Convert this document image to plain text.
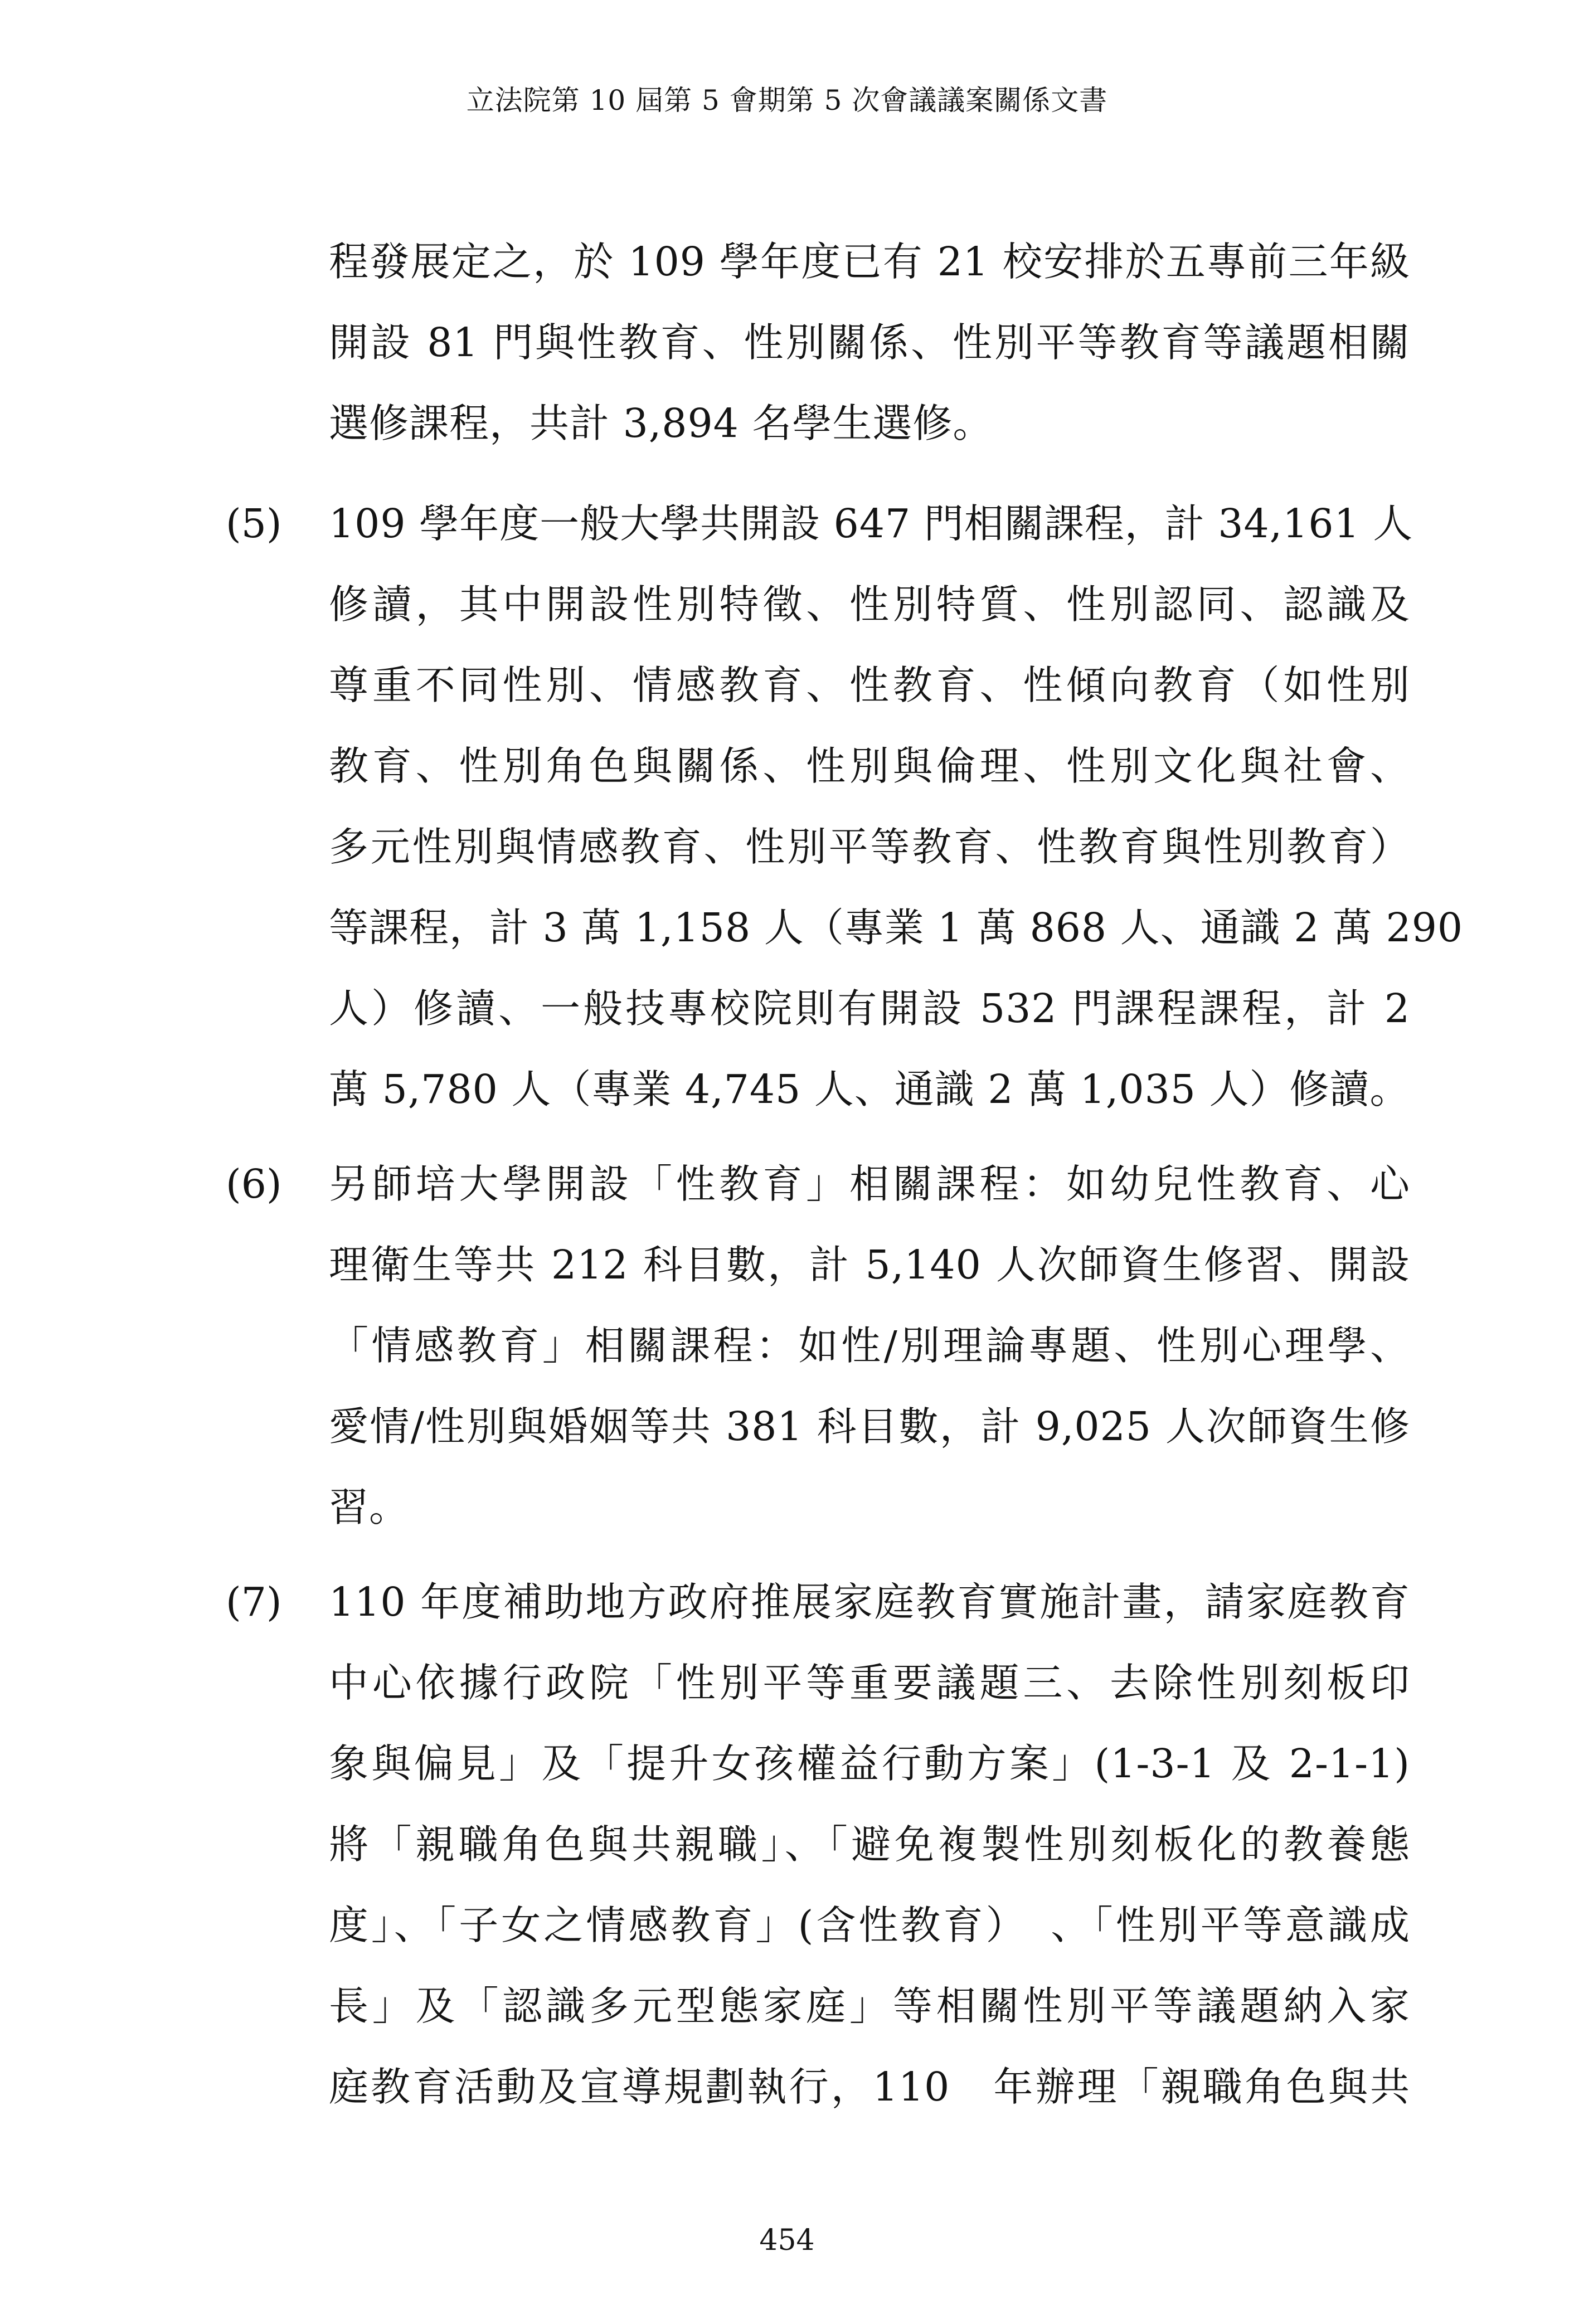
立法院第 10 屆第 5 會期第 5 次會議議案關係文書
程發展定之，於 109 學年度已有 21 校安排於五專前三年級
開設 81 門與性教育、性別關係、性別平等教育等議題相關
選修課程，共計 3,894 名學生選修。
(5) 109 學年度一般大學共開設 647 門相關課程，計 34,161 人
修讀，其中開設性別特徵、性別特質、性別認同、認識及
尊重不同性別、情感教育、性教育、性傾向教育（如性別
教育、性別角色與關係、性別與倫理、性別文化與社會、
多元性別與情感教育、性別平等教育、性教育與性別教育）
等課程，計 3 萬 1,158 人（專業 1 萬 868 人、通識 2 萬 290
人）修讀、一般技專校院則有開設 532 門課程課程，計 2
萬 5,780 人（專業 4,745 人、通識 2 萬 1,035 人）修讀。
(6) 另師培大學開設「性教育」相關課程：如幼兒性教育、心
理衛生等共 212 科目數，計 5,140 人次師資生修習、開設
「情感教育」相關課程：如性/別理論專題、性別心理學、
愛情/性別與婚姻等共 381 科目數，計 9,025 人次師資生修
習。
(7) 110 年度補助地方政府推展家庭教育實施計畫，請家庭教育
中心依據行政院「性別平等重要議題三、去除性別刻板印
象與偏見」及「提升女孩權益行動方案」(1-3-1 及 2-1-1)
將「親職角色與共親職」、「避免複製性別刻板化的教養態
度」、「子女之情感教育」(含性教育）　、「性別平等意識成
長」及「認識多元型態家庭」等相關性別平等議題納入家
庭教育活動及宣導規劃執行，110　年辦理「親職角色與共
454
